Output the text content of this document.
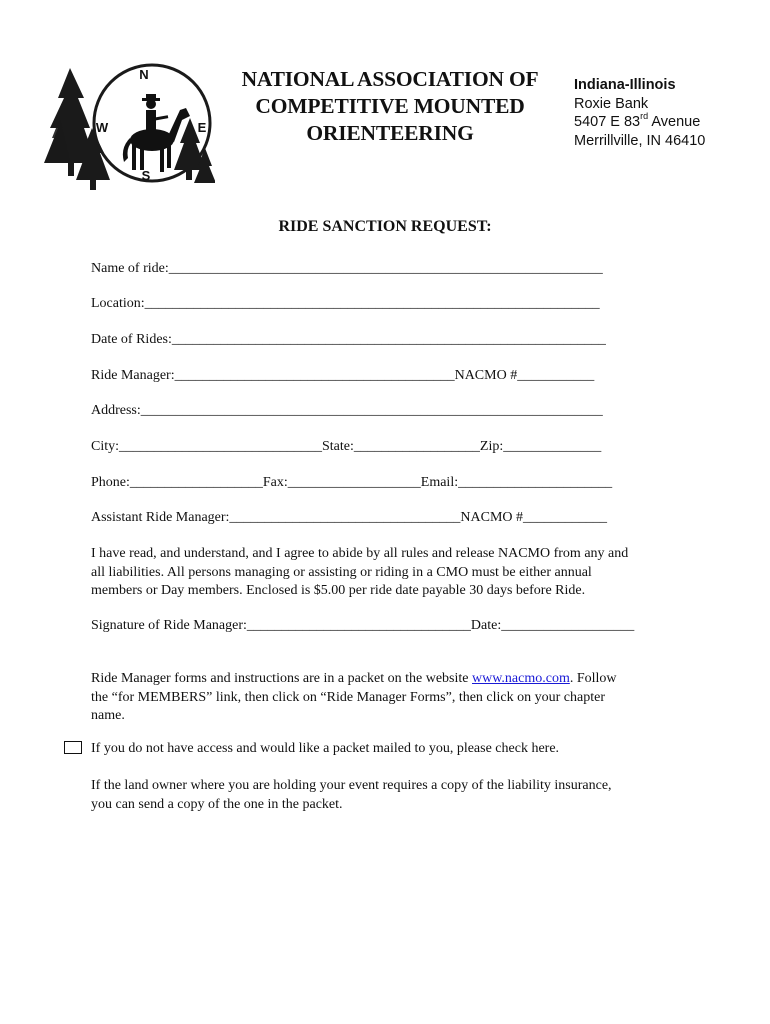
N
E
S
W
NATIONAL ASSOCIATION OF
COMPETITIVE MOUNTED
ORIENTEERING
Indiana-Illinois
Roxie Bank
5407 E 83rd Avenue
Merrillville, IN 46410
RIDE SANCTION REQUEST:
Name of ride:______________________________________________________________
Location:_________________________________________________________________
Date of Rides:______________________________________________________________
Ride Manager:________________________________________NACMO #___________
Address:__________________________________________________________________
City:_____________________________State:__________________Zip:______________
Phone:___________________Fax:___________________Email:______________________
Assistant Ride Manager:_________________________________NACMO #____________
I have read, and understand, and I agree to abide by all rules and release NACMO from any and
all liabilities. All persons managing or assisting or riding in a CMO must be either annual
members or Day members. Enclosed is $5.00 per ride date payable 30 days before Ride.
Signature of Ride Manager:________________________________Date:___________________
Ride Manager forms and instructions are in a packet on the website www.nacmo.com. Follow
the “for MEMBERS” link, then click on “Ride Manager Forms”, then click on your chapter
name.
If you do not have access and would like a packet mailed to you, please check here.
If the land owner where you are holding your event requires a copy of the liability insurance,
you can send a copy of the one in the packet.
